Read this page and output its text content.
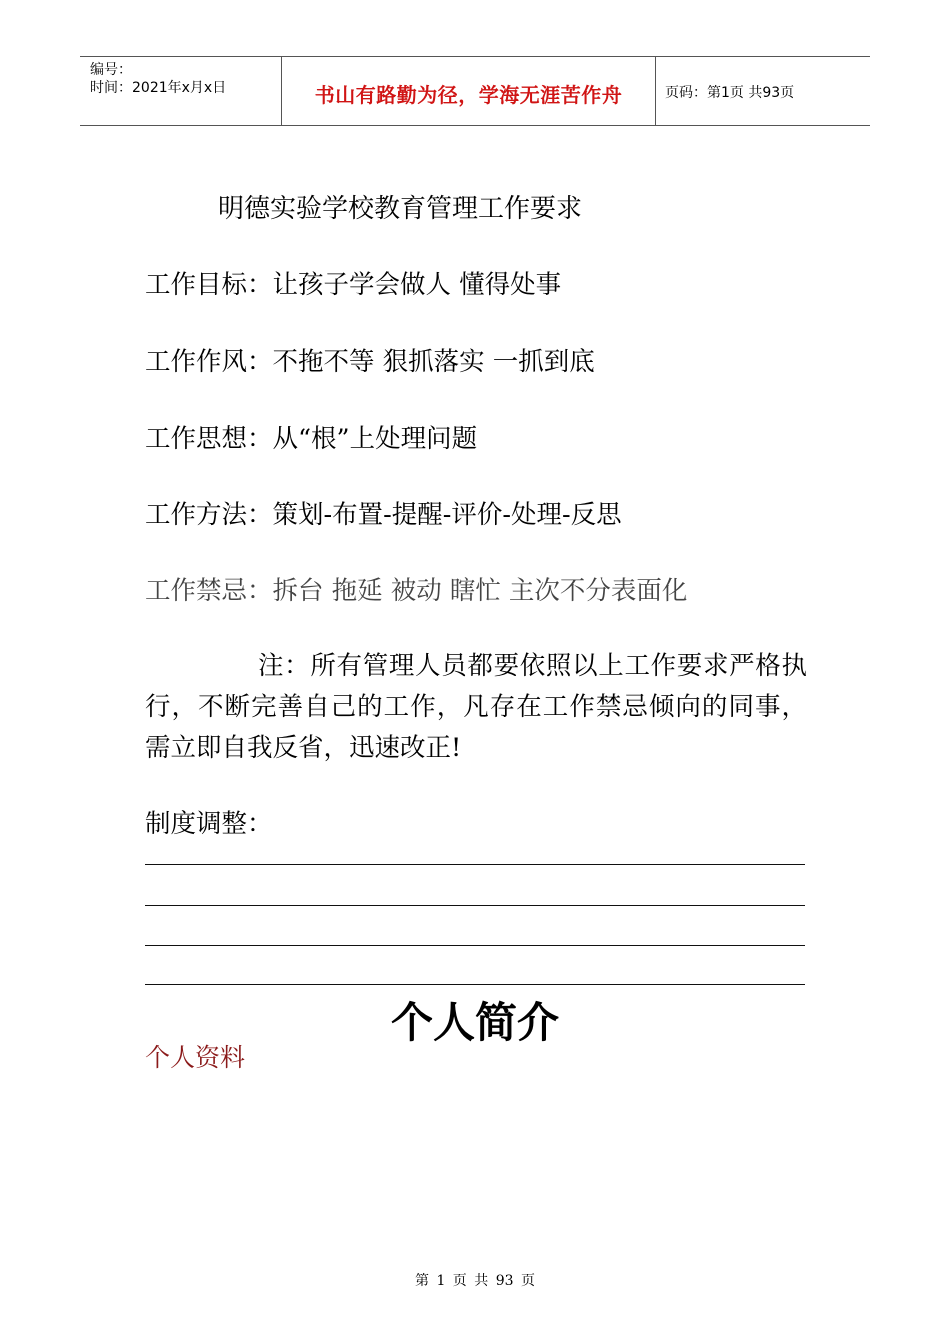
编号：
时间：2021年x月x日	书山有路勤为径，学海无涯苦作舟	页码：第1页 共93页
明德实验学校教育管理工作要求
工作目标：让孩子学会做人 懂得处事
工作作风：不拖不等 狠抓落实 一抓到底
工作思想：从“根”上处理问题
工作方法：策划-布置-提醒-评价-处理-反思
工作禁忌：拆台 拖延 被动 瞎忙 主次不分表面化
注：所有管理人员都要依照以上工作要求严格执行，不断完善自己的工作，凡存在工作禁忌倾向的同事，需立即自我反省，迅速改正!
制度调整：
个人简介
个人资料
第 1 页 共 93 页
